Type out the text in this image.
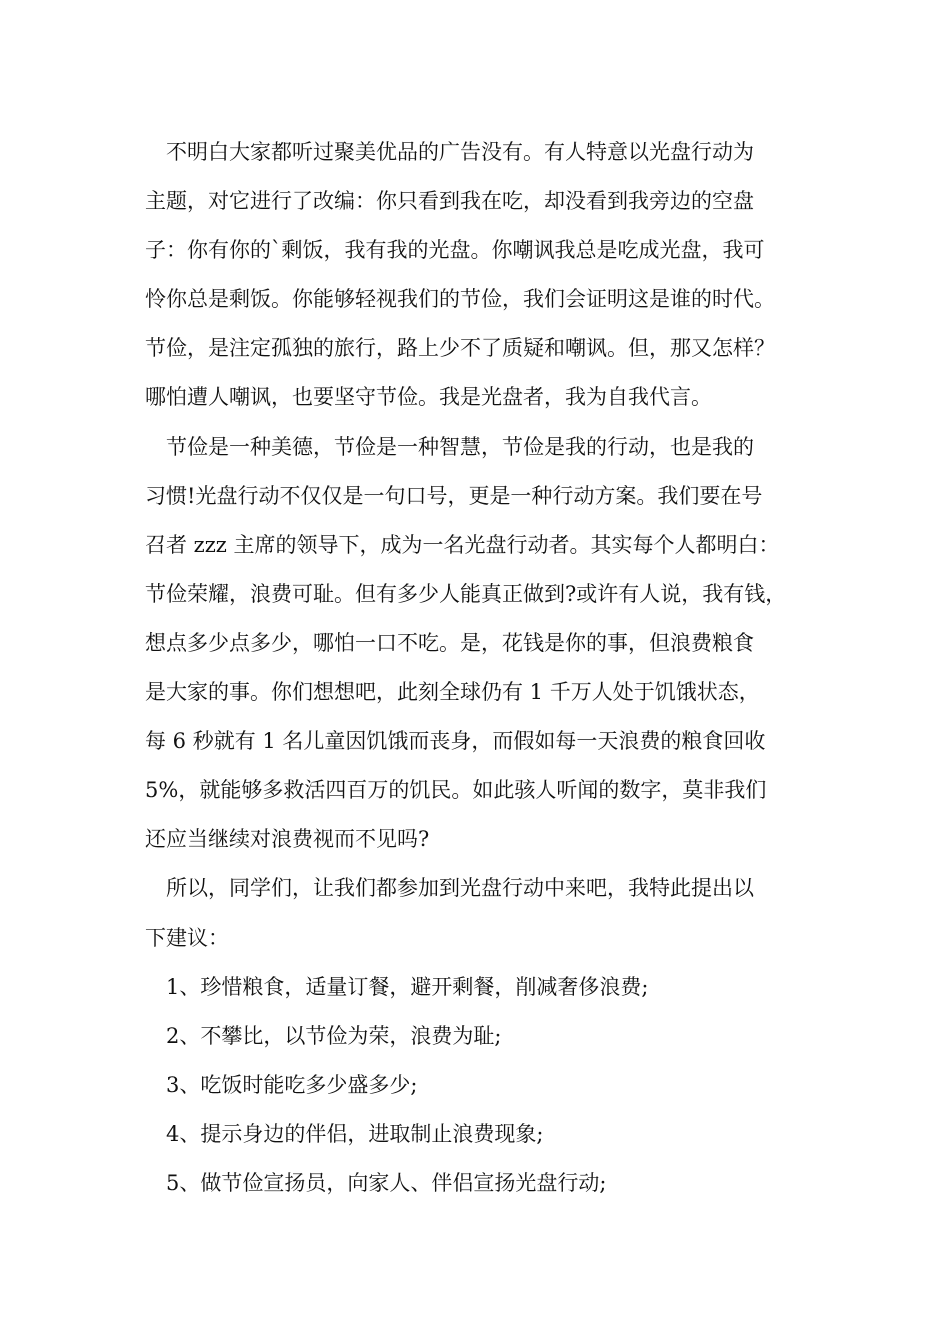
不明白大家都听过聚美优品的广告没有。有人特意以光盘行动为
主题，对它进行了改编：你只看到我在吃，却没看到我旁边的空盘
子：你有你的`剩饭，我有我的光盘。你嘲讽我总是吃成光盘，我可
怜你总是剩饭。你能够轻视我们的节俭，我们会证明这是谁的时代。
节俭，是注定孤独的旅行，路上少不了质疑和嘲讽。但，那又怎样？
哪怕遭人嘲讽，也要坚守节俭。我是光盘者，我为自我代言。
节俭是一种美德，节俭是一种智慧，节俭是我的行动，也是我的
习惯!光盘行动不仅仅是一句口号，更是一种行动方案。我们要在号
召者 zzz 主席的领导下，成为一名光盘行动者。其实每个人都明白：
节俭荣耀，浪费可耻。但有多少人能真正做到?或许有人说，我有钱，
想点多少点多少，哪怕一口不吃。是，花钱是你的事，但浪费粮食
是大家的事。你们想想吧，此刻全球仍有 1 千万人处于饥饿状态，
每 6 秒就有 1 名儿童因饥饿而丧身，而假如每一天浪费的粮食回收
5%，就能够多救活四百万的饥民。如此骇人听闻的数字，莫非我们
还应当继续对浪费视而不见吗?
所以，同学们，让我们都参加到光盘行动中来吧，我特此提出以
下建议：
1、珍惜粮食，适量订餐，避开剩餐，削减奢侈浪费;
2、不攀比，以节俭为荣，浪费为耻;
3、吃饭时能吃多少盛多少;
4、提示身边的伴侣，进取制止浪费现象;
5、做节俭宣扬员，向家人、伴侣宣扬光盘行动;
